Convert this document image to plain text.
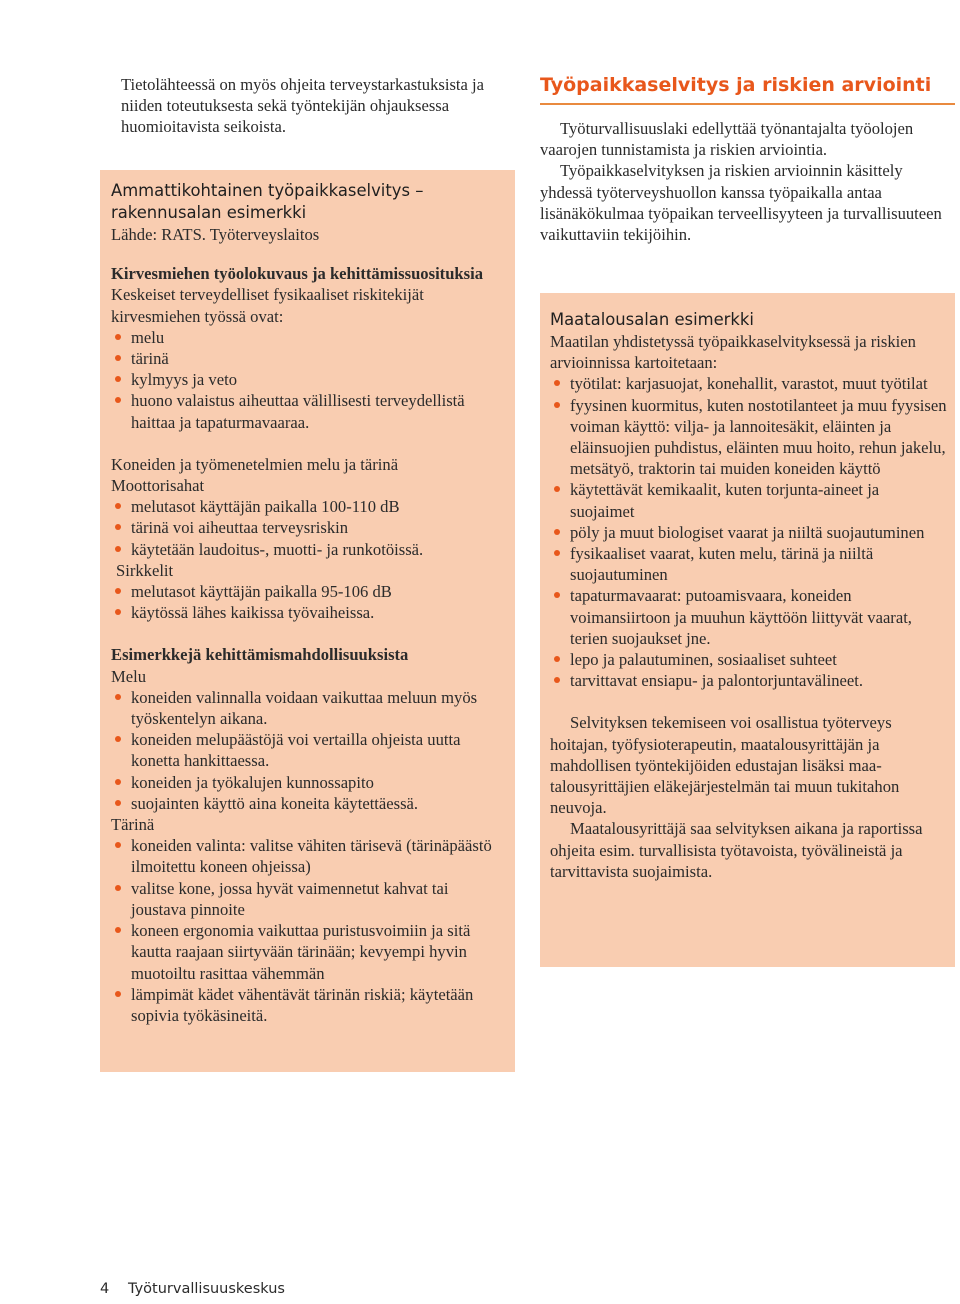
Tietolähteessä on myös ohjeita terveystarkastuksista ja niiden toteutuksesta sekä työntekijän ohjauksessa huomioitavista seikoista.

Ammattikohtainen työpaikkaselvitys – rakennusalan esimerkki
Lähde: RATS. Työterveyslaitos
Kirvesmiehen työolokuvaus ja kehittämissuosituksia
Keskeiset terveydelliset fysikaaliset riskitekijät kirvesmiehen työssä ovat:
melu
tärinä
kylmyys ja veto
huono valaistus aiheuttaa välillisesti terveydellistä haittaa ja tapaturmavaaraa.
Koneiden ja työmenetelmien melu ja tärinä
Moottorisahat
melutasot käyttäjän paikalla 100-110 dB
tärinä voi aiheuttaa terveysriskin
käytetään laudoitus-, muotti- ja runkotöissä.
Sirkkelit
melutasot käyttäjän paikalla 95-106 dB
käytössä lähes kaikissa työvaiheissa.
Esimerkkejä kehittämismahdollisuuksista
Melu
koneiden valinnalla voidaan vaikuttaa meluun myös työskentelyn aikana.
koneiden melupäästöjä voi vertailla ohjeista uutta konetta hankittaessa.
koneiden ja työkalujen kunnossapito
suojainten käyttö aina koneita käytettäessä.
Tärinä
koneiden valinta: valitse vähiten tärisevä (tärinäpäästö ilmoitettu koneen ohjeissa)
valitse kone, jossa hyvät vaimennetut kahvat tai joustava pinnoite
koneen ergonomia vaikuttaa puristusvoimiin ja sitä kautta raajaan siirtyvään tärinään; kevyempi hyvin muotoiltu rasittaa vähemmän
lämpimät kädet vähentävät tärinän riskiä; käytetään sopivia työkäsineitä.
Työpaikkaselvitys ja riskien arviointi

Työturvallisuuslaki edellyttää työnantajalta työolojen vaarojen tunnistamista ja riskien arviointia.

Työpaikkaselvityksen ja riskien arvioinnin käsittely yhdessä työterveyshuollon kanssa työpaikalla antaa lisänäkökulmaa työpaikan terveellisyyteen ja turvallisuuteen vaikuttaviin tekijöihin.

Maatalousalan esimerkki
Maatilan yhdistetyssä työpaikkaselvityksessä ja riskien arvioinnissa kartoitetaan:
työtilat: karjasuojat, konehallit, varastot, muut työtilat
fyysinen kuormitus, kuten nostotilanteet ja muu fyysisen voiman käyttö: vilja- ja lannoitesäkit, eläinten ja eläinsuojien puhdistus, eläinten muu hoito, rehun jakelu, metsätyö, traktorin tai muiden koneiden käyttö
käytettävät kemikaalit, kuten torjunta-aineet ja suojaimet
pöly ja muut biologiset vaarat ja niiltä suojautuminen
fysikaaliset vaarat, kuten melu, tärinä ja niiltä suojautuminen
tapaturmavaarat: putoamisvaara, koneiden voimansiirtoon ja muuhun käyttöön liittyvät vaarat, terien suojaukset jne.
lepo ja palautuminen, sosiaaliset suhteet
tarvittavat ensiapu- ja palontorjuntavälineet.

Selvityksen tekemiseen voi osallistua työterveys hoitajan, työfysioterapeutin, maatalousyrittäjän ja mahdollisen työntekijöiden edustajan lisäksi maatalousyrittäjien eläkejärjestelmän tai muun tukitahon neuvoja.

Maatalousyrittäjä saa selvityksen aikana ja raportissa ohjeita esim. turvallisista työtavoista, työvälineistä ja tarvittavista suojaimista.

4 Työturvallisuuskeskus
